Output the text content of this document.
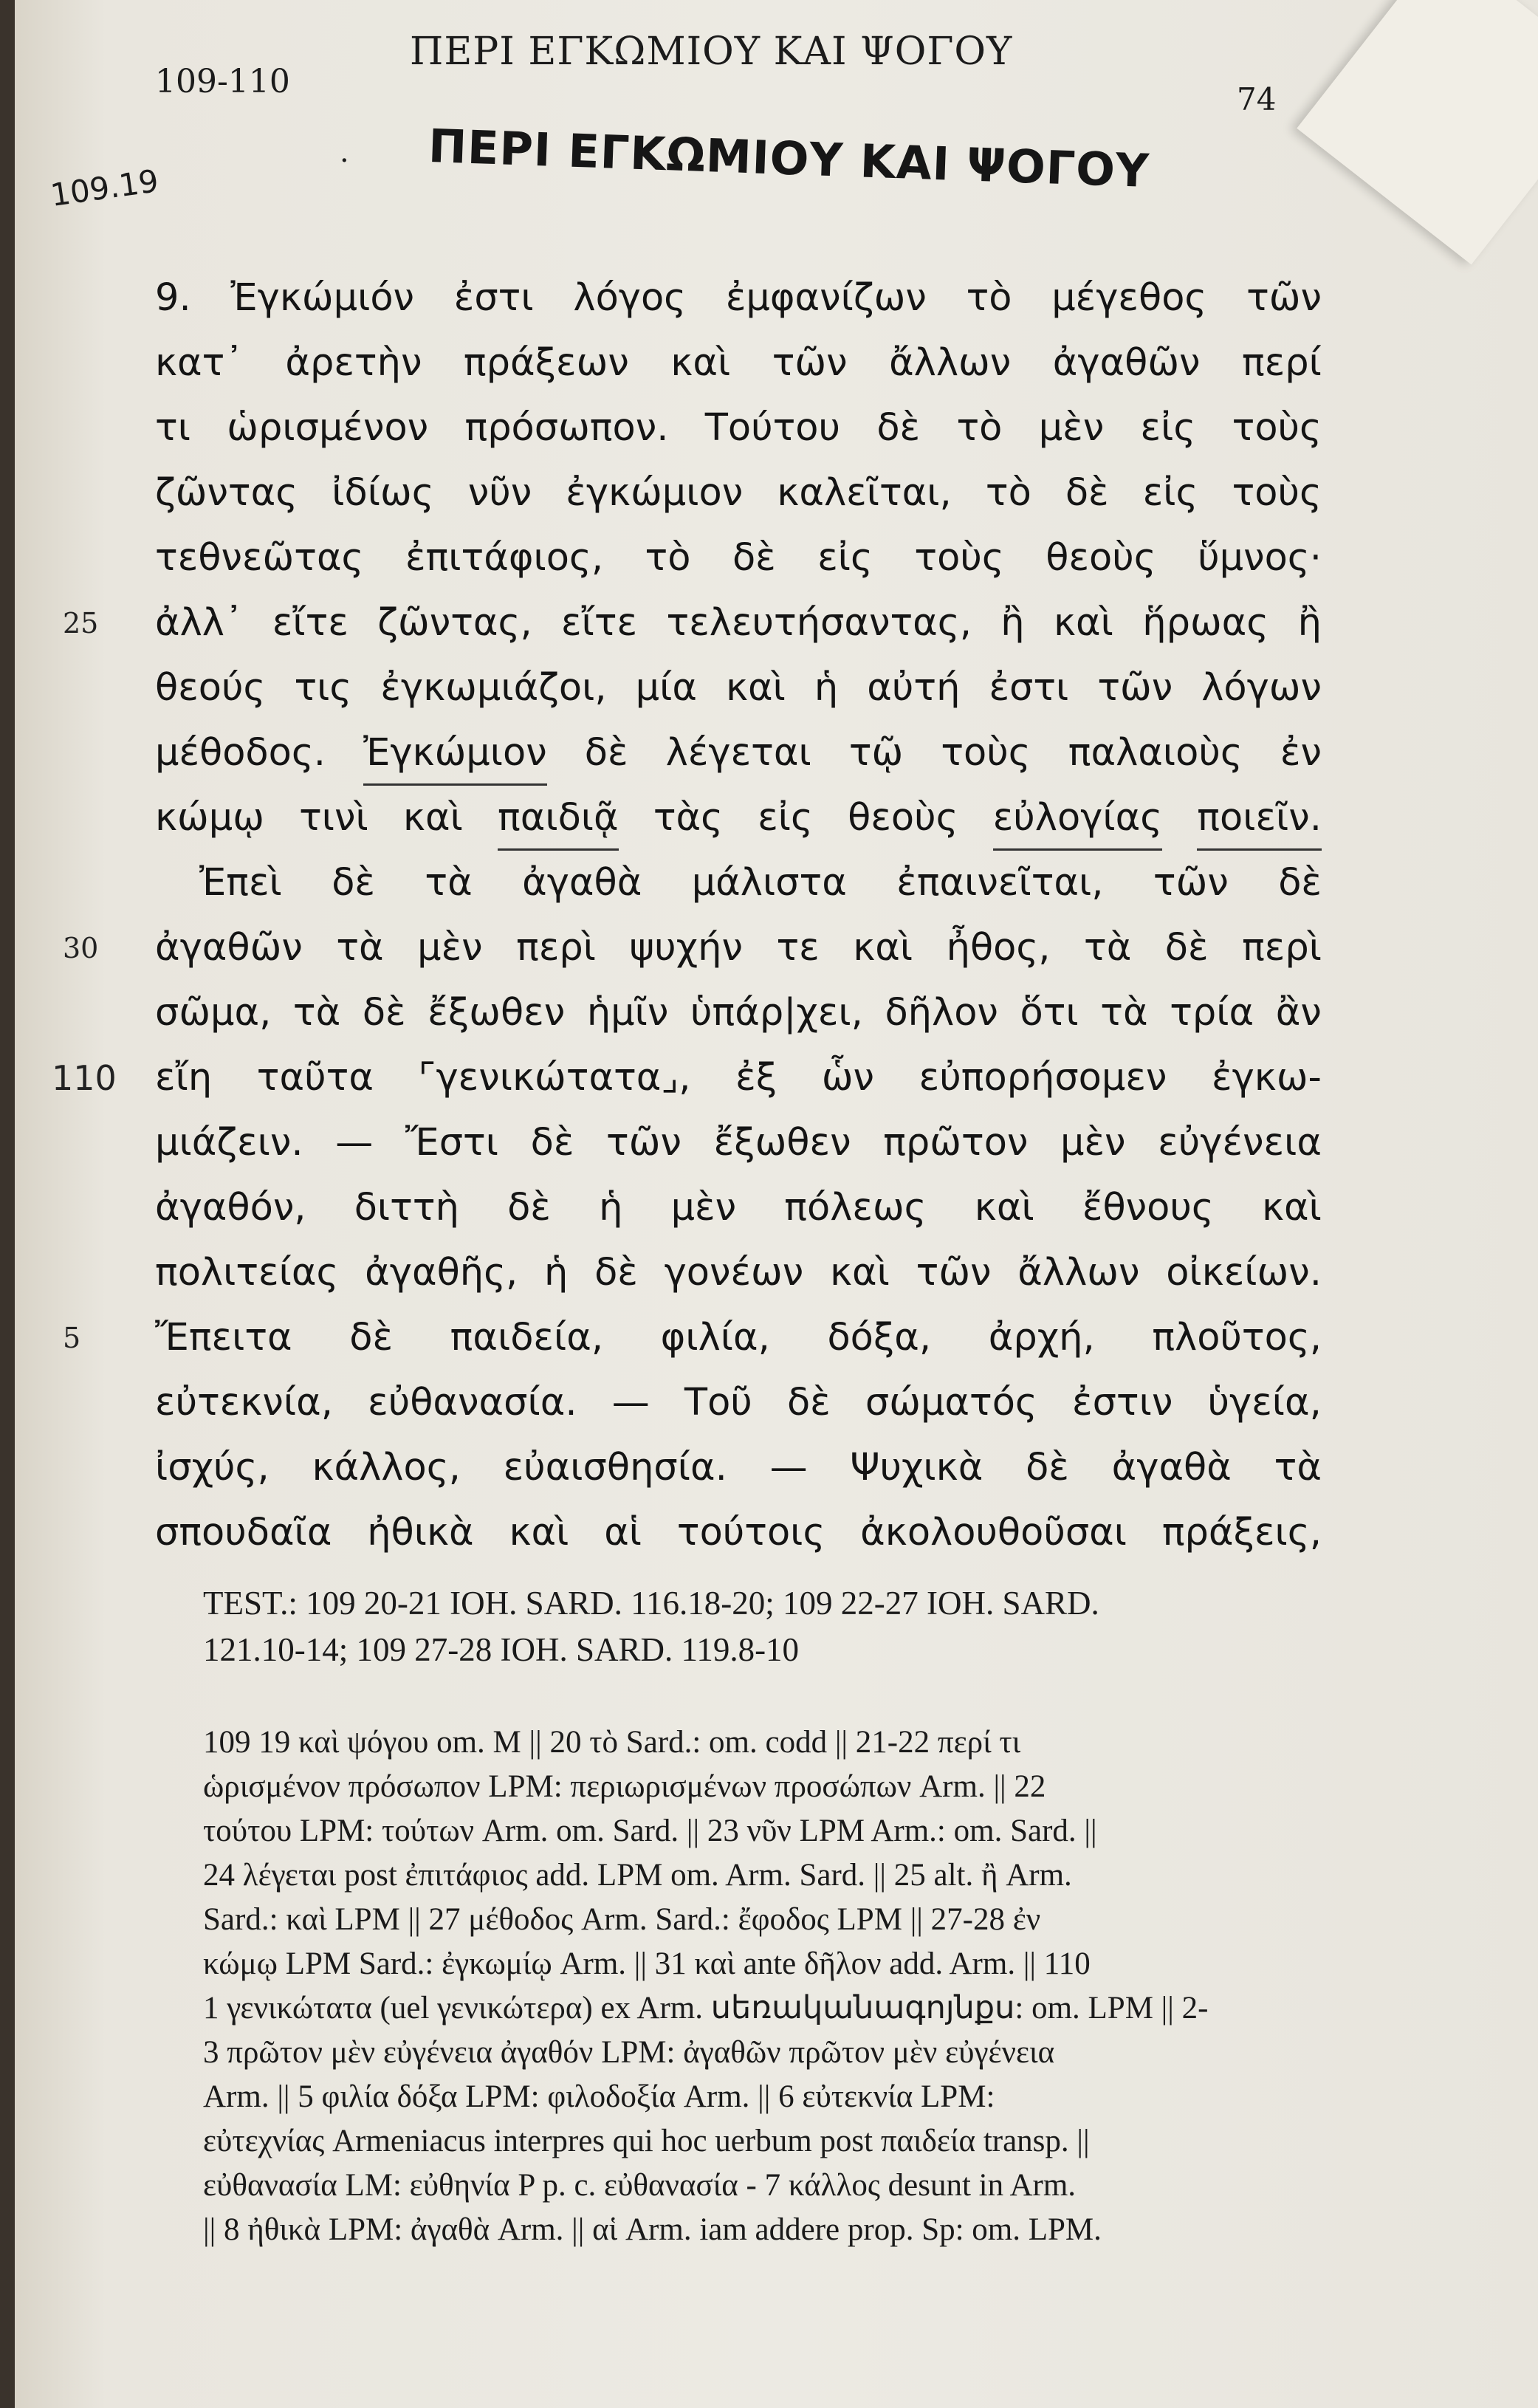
109-110
ΠΕΡΙ ΕΓΚΩΜΙΟΥ ΚΑΙ ΨΟΓΟΥ
74
·
109.19	ΠΕΡΙ ΕΓΚΩΜΙΟΥ ΚΑΙ ΨΟΓΟΥ
9. Ἐγκώμιόν ἐστι λόγος ἐμφανίζων τὸ μέγεθος τῶν
κατ᾽ ἀρετὴν πράξεων καὶ τῶν ἄλλων ἀγαθῶν περί
τι ὡρισμένον πρόσωπον. Τούτου δὲ τὸ μὲν εἰς τοὺς
ζῶντας ἰδίως νῦν ἐγκώμιον καλεῖται, τὸ δὲ εἰς τοὺς
τεθνεῶτας ἐπιτάφιος, τὸ δὲ εἰς τοὺς θεοὺς ὕμνος·
25 ἀλλ᾽ εἴτε ζῶντας, εἴτε τελευτήσαντας, ἢ καὶ ἥρωας ἢ
θεούς τις ἐγκωμιάζοι, μία καὶ ἡ αὐτή ἐστι τῶν λόγων
μέθοδος. Ἐγκώμιον δὲ λέγεται τῷ τοὺς παλαιοὺς ἐν
κώμῳ τινὶ καὶ παιδιᾷ τὰς εἰς θεοὺς εὐλογίας ποιεῖν.
Ἐπεὶ δὲ τὰ ἀγαθὰ μάλιστα ἐπαινεῖται, τῶν δὲ
30 ἀγαθῶν τὰ μὲν περὶ ψυχήν τε καὶ ἦθος, τὰ δὲ περὶ
σῶμα, τὰ δὲ ἔξωθεν ἡμῖν ὑπάρ|χει, δῆλον ὅτι τὰ τρία ἂν
110 εἴη ταῦτα ⌜γενικώτατα⌟, ἐξ ὧν εὐπορήσομεν ἐγκω-
μιάζειν. — Ἔστι δὲ τῶν ἔξωθεν πρῶτον μὲν εὐγένεια
ἀγαθόν, διττὴ δὲ ἡ μὲν πόλεως καὶ ἔθνους καὶ
πολιτείας ἀγαθῆς, ἡ δὲ γονέων καὶ τῶν ἄλλων οἰκείων.
5 Ἔπειτα δὲ παιδεία, φιλία, δόξα, ἀρχή, πλοῦτος,
εὐτεκνία, εὐθανασία. — Τοῦ δὲ σώματός ἐστιν ὑγεία,
ἰσχύς, κάλλος, εὐαισθησία. — Ψυχικὰ δὲ ἀγαθὰ τὰ
σπουδαῖα ἠθικὰ καὶ αἱ τούτοις ἀκολουθοῦσαι πράξεις,
TEST.: 109 20-21 ΙΟΗ. SARD. 116.18-20; 109 22-27 ΙΟΗ. SARD.
121.10-14; 109 27-28 ΙΟΗ. SARD. 119.8-10
109 19 καὶ ψόγου om. M || 20 τὸ Sard.: om. codd || 21-22 περί τι
ὡρισμένον πρόσωπον LPM: περιωρισμένων προσώπων Arm. || 22
τούτου LPM: τούτων Arm. om. Sard. || 23 νῦν LPM Arm.: om. Sard. ||
24 λέγεται post ἐπιτάφιος add. LPM om. Arm. Sard. || 25 alt. ἢ Arm.
Sard.: καὶ LPM || 27 μέθοδος Arm. Sard.: ἔφοδος LPM || 27-28 ἐν
κώμῳ LPM Sard.: ἐγκωμίῳ Arm. || 31 καὶ ante δῆλον add. Arm. || 110
1 γενικώτατα (uel γενικώτερα) ex Arm. սեռականագոյնքս: om. LPM || 2-
3 πρῶτον μὲν εὐγένεια ἀγαθόν LPM: ἀγαθῶν πρῶτον μὲν εὐγένεια
Arm. || 5 φιλία δόξα LPM: φιλοδοξία Arm. || 6 εὐτεκνία LPM:
εὐτεχνίας Armeniacus interpres qui hoc uerbum post παιδεία transp. ||
εὐθανασία LM: εὐθηνία P p. c. εὐθανασία - 7 κάλλος desunt in Arm.
|| 8 ἠθικὰ LPM: ἀγαθὰ Arm. || αἱ Arm. iam addere prop. Sp: om. LPM.
